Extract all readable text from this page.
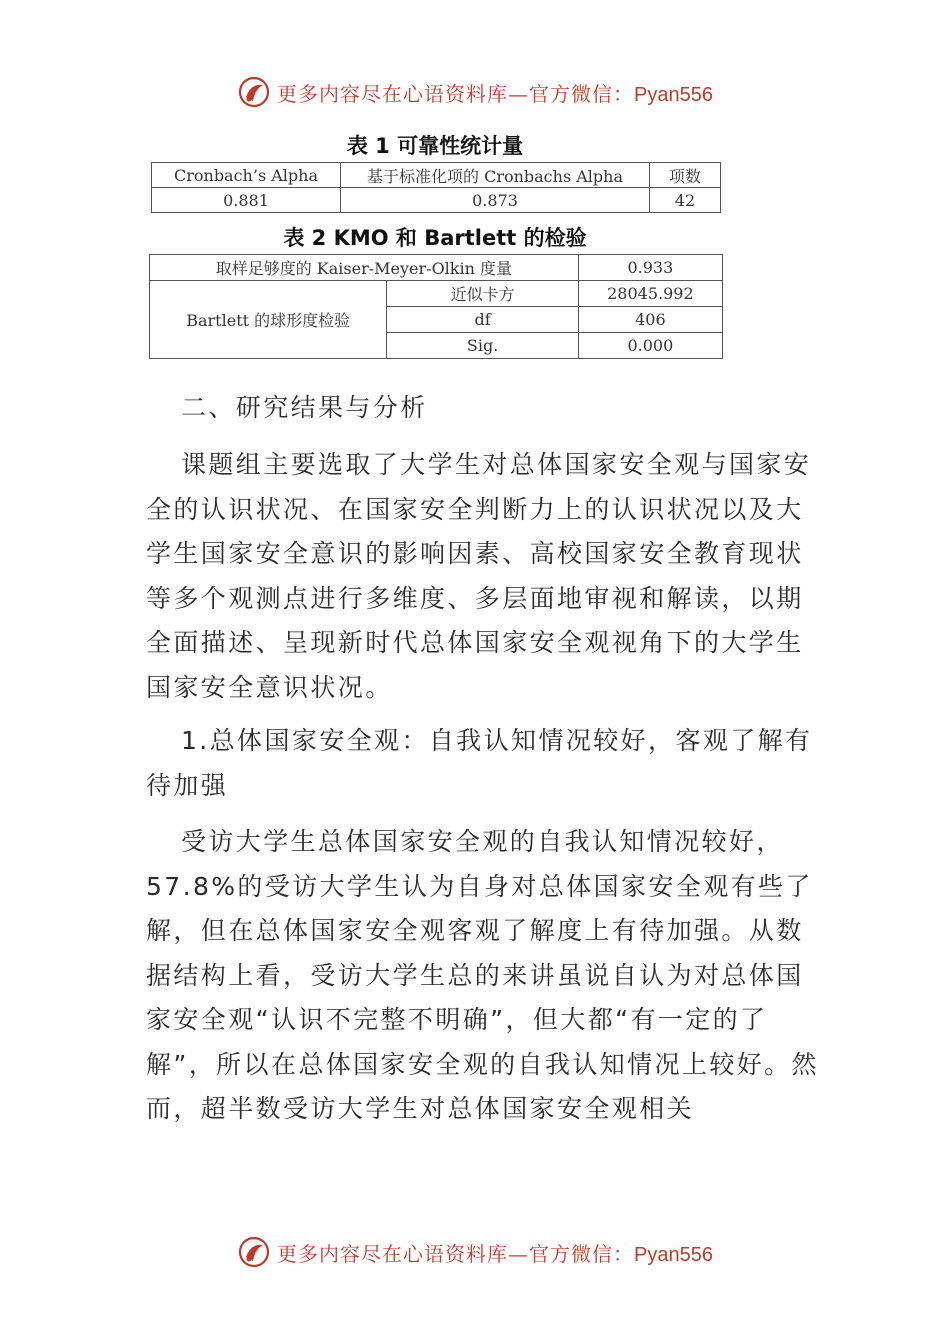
更多内容尽在心语资料库—官方微信：Pyan556
表 1 可靠性统计量
Cronbach’s Alpha	基于标准化项的 Cronbachs Alpha	项数
0.881	0.873	42
表 2 KMO 和 Bartlett 的检验
取样足够度的 Kaiser-Meyer-Olkin 度量		0.933
Bartlett 的球形度检验	近似卡方	28045.992
	df	406
	Sig.	0.000

二、研究结果与分析

课题组主要选取了大学生对总体国家安全观与国家安全的认识状况、在国家安全判断力上的认识状况以及大学生国家安全意识的影响因素、高校国家安全教育现状等多个观测点进行多维度、多层面地审视和解读，以期全面描述、呈现新时代总体国家安全观视角下的大学生国家安全意识状况。

1.总体国家安全观：自我认知情况较好，客观了解有待加强

受访大学生总体国家安全观的自我认知情况较好，57.8%的受访大学生认为自身对总体国家安全观有些了解，但在总体国家安全观客观了解度上有待加强。从数据结构上看，受访大学生总的来讲虽说自认为对总体国家安全观“认识不完整不明确”，但大都“有一定的了解”，所以在总体国家安全观的自我认知情况上较好。然而，超半数受访大学生对总体国家安全观相关

更多内容尽在心语资料库—官方微信：Pyan556
